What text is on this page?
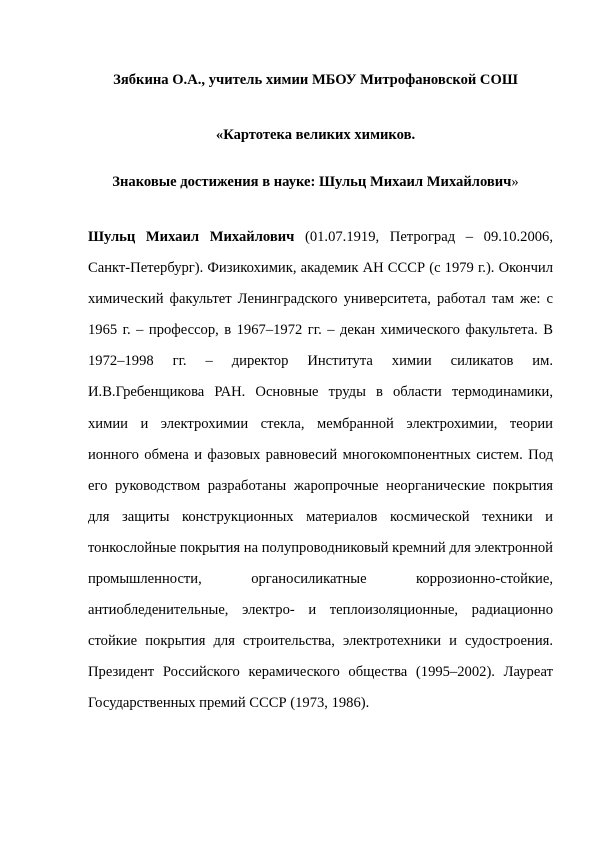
Зябкина О.А., учитель химии МБОУ Митрофановской СОШ

«Картотека великих химиков.

Знаковые достижения в науке: Шульц Михаил Михайлович»

Шульц Михаил Михайлович (01.07.1919, Петроград – 09.10.2006, Санкт-Петербург). Физикохимик, академик АН СССР (с 1979 г.). Окончил химический факультет Ленинградского университета, работал там же: с 1965 г. – профессор, в 1967–1972 гг. – декан химического факультета. В 1972–1998 гг. – директор Института химии силикатов им. И.В.Гребенщикова РАН. Основные труды в области термодинамики, химии и электрохимии стекла, мембранной электрохимии, теории ионного обмена и фазовых равновесий многокомпонентных систем. Под его руководством разработаны жаропрочные неорганические покрытия для защиты конструкционных материалов космической техники и тонкослойные покрытия на полупроводниковый кремний для электронной промышленности, органосиликатные коррозионно-стойкие, антиобледенительные, электро- и теплоизоляционные, радиационно стойкие покрытия для строительства, электротехники и судостроения. Президент Российского керамического общества (1995–2002). Лауреат Государственных премий СССР (1973, 1986).
